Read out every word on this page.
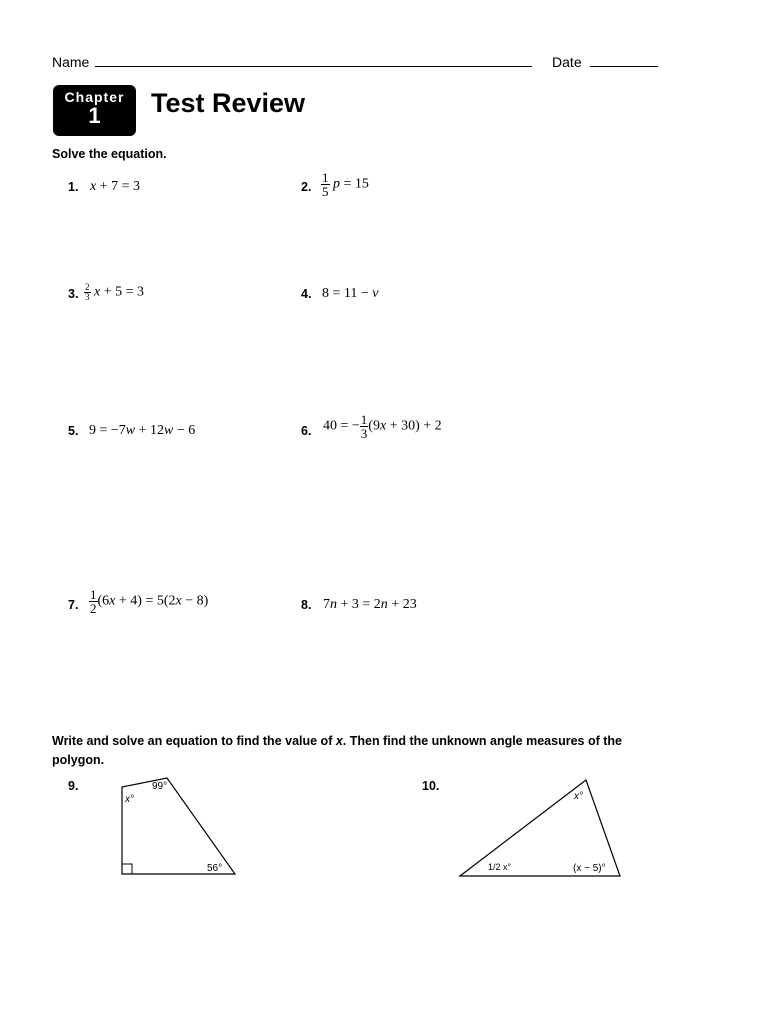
Name	Date
Chapter
1	Test Review
Solve the equation.
1. x + 7 = 3	2. $\frac{1}{5}$ p = 15
3. $\frac{2}{3}$ x + 5 = 3	4. 8 = 11 − v
5. 9 = −7w + 12w − 6	6. 40 = − $\frac{1}{3} (9x + 30) + 2$
7. $\frac{1}{2} (6x + 4) = 5(2x - 8)$	8. 7n + 3 = 2n + 23
Write and solve an equation to find the value of x. Then find the unknown angle measures of the polygon.
9.
x°
99°
56°
10.
x°
1/2 x°	(x − 5)°
